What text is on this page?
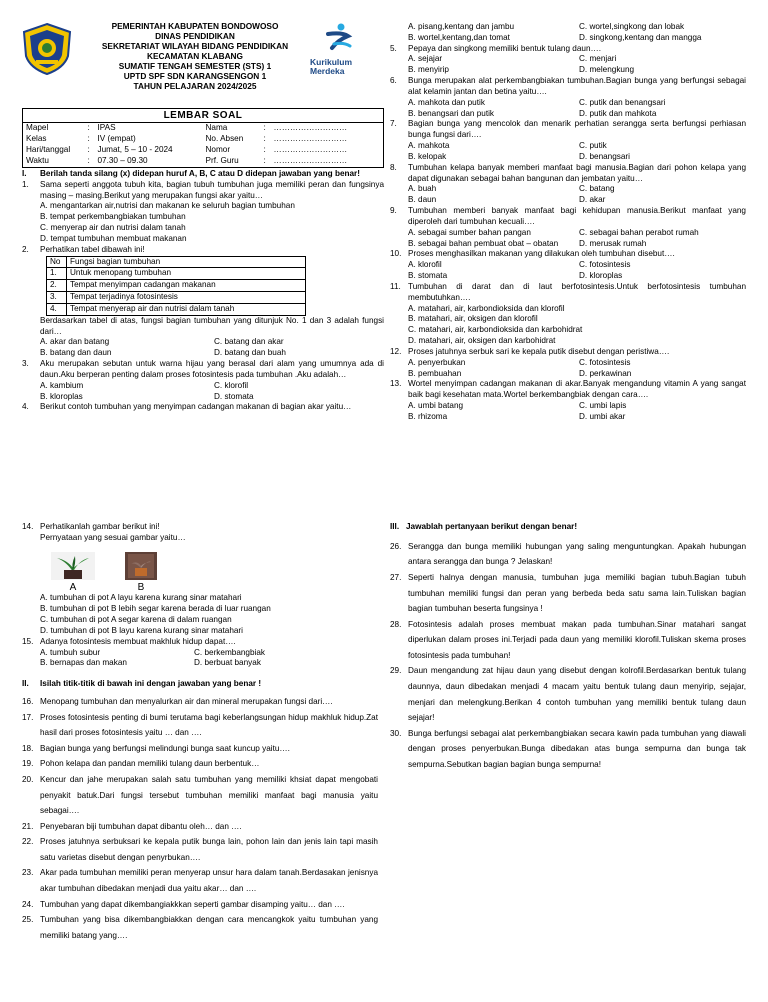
PEMERINTAH KABUPATEN BONDOWOSO
DINAS PENDIDIKAN
SEKRETARIAT WILAYAH BIDANG PENDIDIKAN
KECAMATAN KLABANG
SUMATIF TENGAH SEMESTER (STS) 1
UPTD SPF SDN KARANGSENGON 1
TAHUN PELAJARAN 2024/2025
Kurikulum
Merdeka
LEMBAR SOAL
Mapel	:	IPAS	Nama	:	………………………
Kelas	:	IV (empat)	No. Absen	:	………………………
Hari/tanggal	:	Jumat, 5 – 10 - 2024	Nomor	:	………………………
Waktu	:	07.30 – 09.30	Prf. Guru	:	………………………
I.	Berilah tanda silang (x) didepan huruf A, B, C atau D didepan jawaban yang benar!
1.	Sama seperti anggota tubuh kita, bagian tubuh tumbuhan juga memiliki peran dan fungsinya masing – masing.Berikut yang merupakan fungsi akar yaitu…
A. mengantarkan air,nutrisi dan makanan ke seluruh bagian tumbuhan
B. tempat perkembangbiakan tumbuhan
C. menyerap air dan nutrisi dalam tanah
D. tempat tumbuhan membuat makanan
2.	Perhatikan tabel dibawah ini!
No	Fungsi bagian tumbuhan
1.	Untuk menopang tumbuhan
2.	Tempat menyimpan cadangan makanan
3.	Tempat terjadinya fotosintesis
4.	Tempat menyerap air dan nutrisi dalam tanah
Berdasarkan tabel di atas, fungsi bagian tumbuhan yang ditunjuk No. 1 dan 3 adalah fungsi dari…
A. akar dan batang	C. batang dan akar
B. batang dan daun	D. batang dan buah
3.	Aku merupakan sebutan untuk warna hijau yang berasal dari alam yang umumnya ada di daun.Aku berperan penting dalam proses fotosintesis pada tumbuhan .Aku adalah…
A. kambium	C. klorofil
B. kloroplas	D. stomata
4.	Berikut contoh tumbuhan yang menyimpan cadangan makanan di bagian akar yaitu…
A. pisang,kentang dan jambu	C. wortel,singkong dan lobak
B. wortel,kentang,dan tomat	D. singkong,kentang dan mangga
5.	Pepaya dan singkong memiliki bentuk tulang daun….
A. sejajar	C. menjari
B. menyirip	D. melengkung
6.	Bunga merupakan alat perkembangbiakan tumbuhan.Bagian bunga yang berfungsi sebagai alat kelamin jantan dan betina yaitu….
A. mahkota dan putik	C. putik dan benangsari
B. benangsari dan putik	D. putik dan mahkota
7.	Bagian bunga yang mencolok dan menarik perhatian serangga serta berfungsi perhiasan bunga fungsi dari….
A. mahkota	C. putik
B. kelopak	D. benangsari
8.	Tumbuhan kelapa banyak memberi manfaat bagi manusia.Bagian dari pohon kelapa yang dapat digunakan sebagai bahan bangunan dan jembatan yaitu…
A. buah	C. batang
B. daun	D. akar
9.	Tumbuhan memberi banyak manfaat bagi kehidupan manusia.Berikut manfaat yang diperoleh dari tumbuhan kecuali….
A. sebagai sumber bahan pangan	C. sebagai bahan perabot rumah
B. sebagai bahan pembuat obat – obatan	D. merusak rumah
10. Proses menghasilkan makanan yang dilakukan oleh tumbuhan disebut….
A. klorofil	C. fotosintesis
B. stomata	D. kloroplas
11. Tumbuhan di darat dan di laut berfotosintesis.Untuk berfotosintesis tumbuhan membutuhkan….
A. matahari, air, karbondioksida dan klorofil
B. matahari, air, oksigen dan klorofil
C. matahari, air, karbondioksida dan karbohidrat
D. matahari, air, oksigen dan karbohidrat
12. Proses jatuhnya serbuk sari ke kepala putik disebut dengan peristiwa….
A. penyerbukan	C. fotosintesis
B. pembuahan	D. perkawinan
13. Wortel menyimpan cadangan makanan di akar.Banyak mengandung vitamin A yang sangat baik bagi kesehatan mata.Wortel berkembangbiak dengan cara….
A. umbi batang	C. umbi lapis
B. rhizoma	D. umbi akar
14. Perhatikanlah gambar berikut ini!
Pernyataan yang sesuai gambar yaitu…
A	B
A. tumbuhan di pot A layu karena kurang sinar matahari
B. tumbuhan di pot B lebih segar karena berada di luar ruangan
C. tumbuhan di pot A segar karena di dalam ruangan
D. tumbuhan di pot B layu karena kurang sinar matahari
15. Adanya fotosintesis membuat makhluk hidup dapat….
A. tumbuh subur	C. berkembangbiak
B. bernapas dan makan	D. berbuat banyak
II.	Isilah titik-titik di bawah ini dengan jawaban yang benar !
16. Menopang tumbuhan dan menyalurkan air dan mineral merupakan fungsi dari….
17. Proses fotosintesis penting di bumi terutama bagi keberlangsungan hidup makhluk hidup.Zat hasil dari proses fotosintesis yaitu … dan ….
18. Bagian bunga yang berfungsi melindungi bunga saat kuncup yaitu….
19. Pohon kelapa dan pandan memiliki tulang daun berbentuk…
20. Kencur dan jahe merupakan salah satu tumbuhan yang memiliki khsiat dapat mengobati penyakit batuk.Dari fungsi tersebut tumbuhan memiliki manfaat bagi manusia yaitu sebagai….
21. Penyebaran biji tumbuhan dapat dibantu oleh… dan ….
22. Proses jatuhnya serbuksari ke kepala putik bunga lain, pohon lain dan jenis lain tapi masih satu varietas disebut dengan penyrbukan….
23. Akar pada tumbuhan memiliki peran menyerap unsur hara dalam tanah.Berdasakan jenisnya akar tumbuhan dibedakan menjadi dua yaitu akar… dan ….
24. Tumbuhan yang dapat dikembangiakkkan seperti gambar disamping yaitu… dan ….
25. Tumbuhan yang bisa dikembangbiakkan dengan cara mencangkok yaitu tumbuhan yang memiliki batang yang….
III. Jawablah pertanyaan berikut dengan benar!
26. Serangga dan bunga memiliki hubungan yang saling menguntungkan. Apakah hubungan antara serangga dan bunga ? Jelaskan!
27. Seperti halnya dengan manusia, tumbuhan juga memiliki bagian tubuh.Bagian tubuh tumbuhan memiliki fungsi dan peran yang berbeda beda satu sama lain.Tuliskan bagian bagian tumbuhan beserta fungsinya !
28. Fotosintesis adalah proses membuat makan pada tumbuhan.Sinar matahari sangat diperlukan dalam proses ini.Terjadi pada daun yang memiliki klorofil.Tuliskan skema proses fotosintesis pada tumbuhan!
29. Daun mengandung zat hijau daun yang disebut dengan kolrofil.Berdasarkan bentuk tulang daunnya, daun dibedakan menjadi 4 macam yaitu bentuk tulang daun menyirip, sejajar, menjari dan melengkung.Berikan 4 contoh tumbuhan yang memiliki bentuk tulang daun sejajar!
30. Bunga berfungsi sebagai alat perkembangbiakan secara kawin pada tumbuhan yang diawali dengan proses penyerbukan.Bunga dibedakan atas bunga sempurna dan bunga tak sempurna.Sebutkan bagian bagian bunga sempurna!
